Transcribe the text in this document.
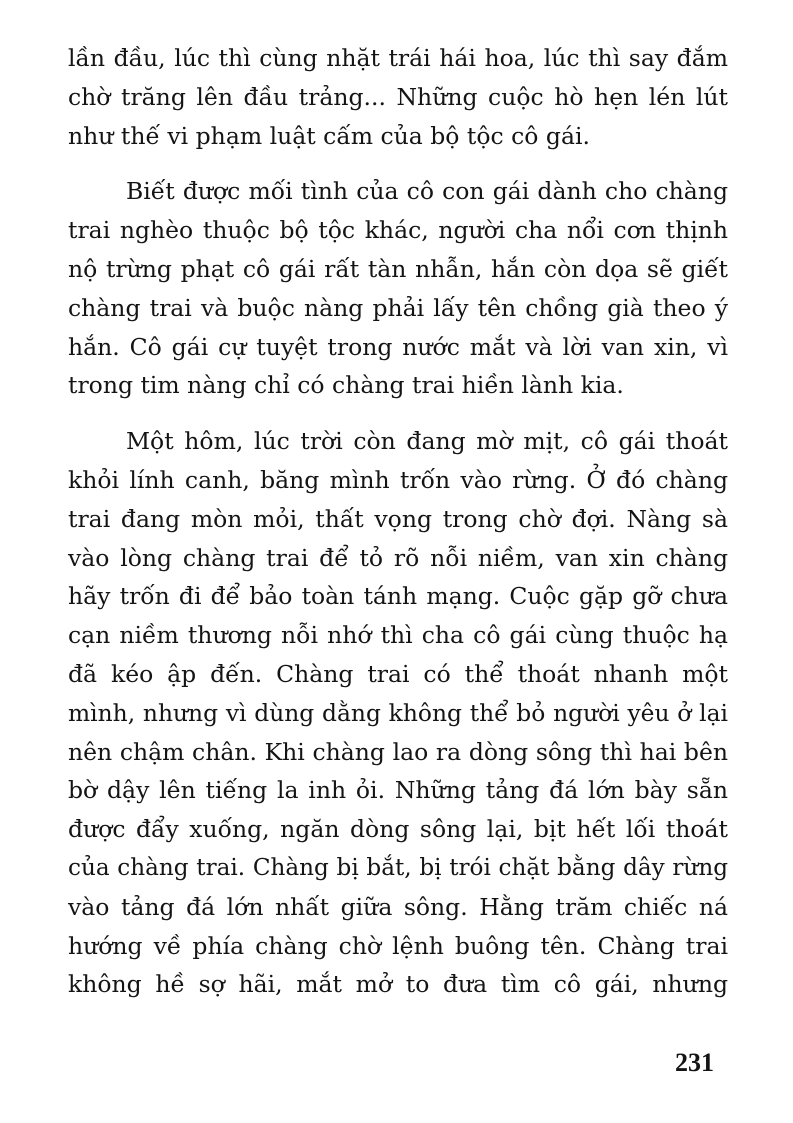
lần đầu, lúc thì cùng nhặt trái hái hoa, lúc thì say đắm
chờ trăng lên đầu trảng... Những cuộc hò hẹn lén lút
như thế vi phạm luật cấm của bộ tộc cô gái.
Biết được mối tình của cô con gái dành cho chàng
trai nghèo thuộc bộ tộc khác, người cha nổi cơn thịnh
nộ trừng phạt cô gái rất tàn nhẫn, hắn còn dọa sẽ giết
chàng trai và buộc nàng phải lấy tên chồng già theo ý
hắn. Cô gái cự tuyệt trong nước mắt và lời van xin, vì
trong tim nàng chỉ có chàng trai hiền lành kia.
Một hôm, lúc trời còn đang mờ mịt, cô gái thoát
khỏi lính canh, băng mình trốn vào rừng. Ở đó chàng
trai đang mòn mỏi, thất vọng trong chờ đợi. Nàng sà
vào lòng chàng trai để tỏ rõ nỗi niềm, van xin chàng
hãy trốn đi để bảo toàn tánh mạng. Cuộc gặp gỡ chưa
cạn niềm thương nỗi nhớ thì cha cô gái cùng thuộc hạ
đã kéo ập đến. Chàng trai có thể thoát nhanh một
mình, nhưng vì dùng dằng không thể bỏ người yêu ở lại
nên chậm chân. Khi chàng lao ra dòng sông thì hai bên
bờ dậy lên tiếng la inh ỏi. Những tảng đá lớn bày sẵn
được đẩy xuống, ngăn dòng sông lại, bịt hết lối thoát
của chàng trai. Chàng bị bắt, bị trói chặt bằng dây rừng
vào tảng đá lớn nhất giữa sông. Hằng trăm chiếc ná
hướng về phía chàng chờ lệnh buông tên. Chàng trai
không hề sợ hãi, mắt mở to đưa tìm cô gái, nhưng
231
